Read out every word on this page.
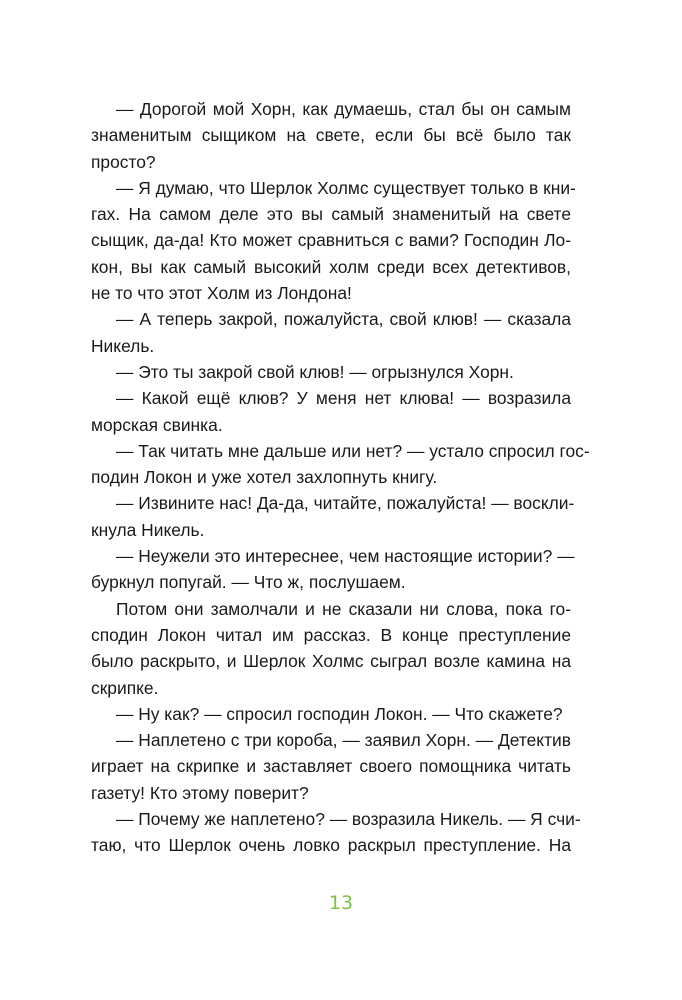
— Дорогой мой Хорн, как думаешь, стал бы он самым
знаменитым сыщиком на свете, если бы всё было так
просто?
— Я думаю, что Шерлок Холмс существует только в кни-
гах. На самом деле это вы самый знаменитый на свете
сыщик, да-да! Кто может сравниться с вами? Господин Ло-
кон, вы как самый высокий холм среди всех детективов,
не то что этот Холм из Лондона!
— А теперь закрой, пожалуйста, свой клюв! — сказала
Никель.
— Это ты закрой свой клюв! — огрызнулся Хорн.
— Какой ещё клюв? У меня нет клюва! — возразила
морская свинка.
— Так читать мне дальше или нет? — устало спросил гос-
подин Локон и уже хотел захлопнуть книгу.
— Извините нас! Да-да, читайте, пожалуйста! — воскли-
кнула Никель.
— Неужели это интереснее, чем настоящие истории? —
буркнул попугай. — Что ж, послушаем.
Потом они замолчали и не сказали ни слова, пока го-
сподин Локон читал им рассказ. В конце преступление
было раскрыто, и Шерлок Холмс сыграл возле камина на
скрипке.
— Ну как? — спросил господин Локон. — Что скажете?
— Наплетено с три короба, — заявил Хорн. — Детектив
играет на скрипке и заставляет своего помощника читать
газету! Кто этому поверит?
— Почему же наплетено? — возразила Никель. — Я счи-
таю, что Шерлок очень ловко раскрыл преступление. На
13
